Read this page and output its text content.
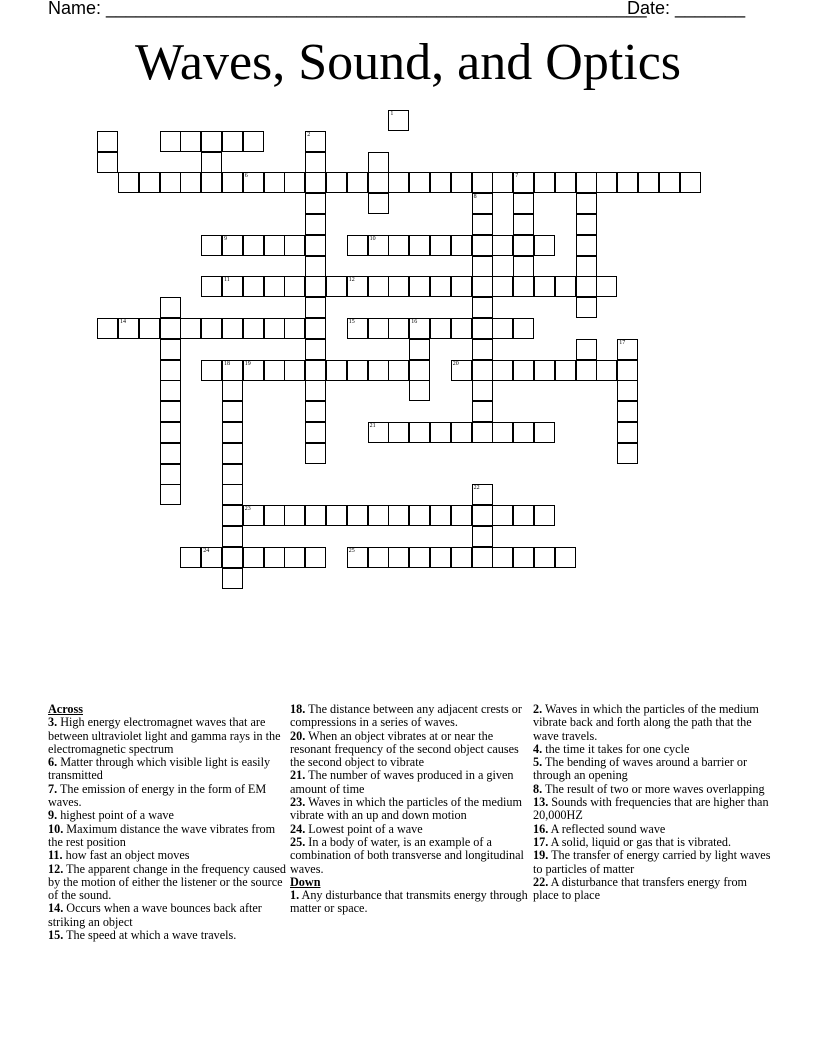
Name: ______________________________________________________
Date: _______
Waves, Sound, and Optics
1
2
6	7
8
9	10
11	12
14	15	16
17
18 19	20
21
22
23
24	25

Across

3. High energy electromagnet waves that are between ultraviolet light and gamma rays in the electromagnetic spectrum

6. Matter through which visible light is easily transmitted

7. The emission of energy in the form of EM waves.

9. highest point of a wave

10. Maximum distance the wave vibrates from the rest position

11. how fast an object moves

12. The apparent change in the frequency caused by the motion of either the listener or the source of the sound.

14. Occurs when a wave bounces back after striking an object

15. The speed at which a wave travels.

18. The distance between any adjacent crests or compressions in a series of waves.

20. When an object vibrates at or near the resonant frequency of the second object causes the second object to vibrate

21. The number of waves produced in a given amount of time

23. Waves in which the particles of the medium vibrate with an up and down motion

24. Lowest point of a wave

25. In a body of water, is an example of a combination of both transverse and longitudinal waves.

Down

1. Any disturbance that transmits energy through matter or space.

2. Waves in which the particles of the medium vibrate back and forth along the path that the wave travels.

4. the time it takes for one cycle

5. The bending of waves around a barrier or through an opening

8. The result of two or more waves overlapping

13. Sounds with frequencies that are higher than 20,000HZ

16. A reflected sound wave

17. A solid, liquid or gas that is vibrated.

19. The transfer of energy carried by light waves to particles of matter

22. A disturbance that transfers energy from place to place
